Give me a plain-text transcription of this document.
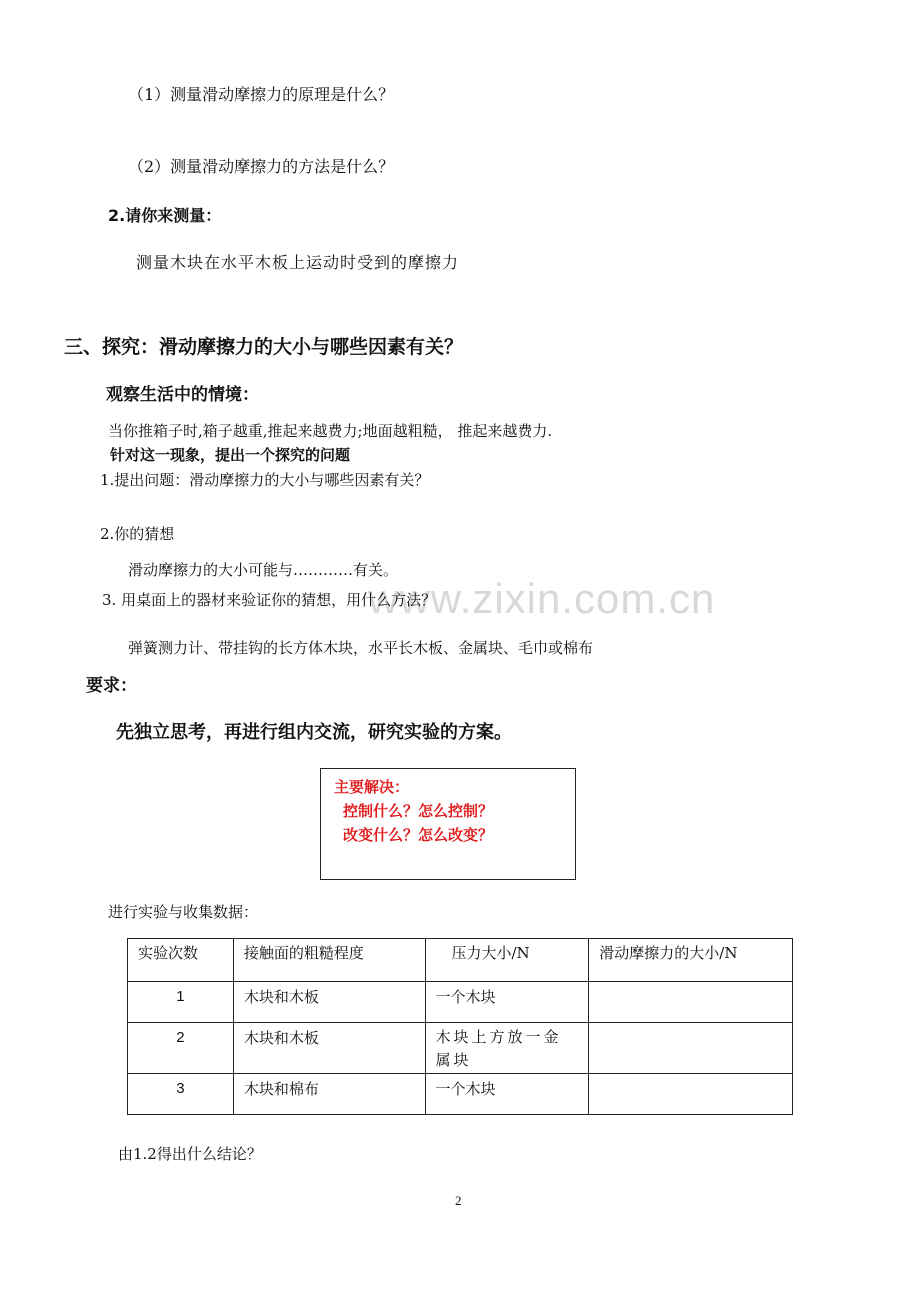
www.zixin.com.cn
（1）测量滑动摩擦力的原理是什么？
（2）测量滑动摩擦力的方法是什么？
2.请你来测量：
测量木块在水平木板上运动时受到的摩擦力
三、探究：滑动摩擦力的大小与哪些因素有关？
观察生活中的情境：
当你推箱子时,箱子越重,推起来越费力;地面越粗糙， 推起来越费力.
针对这一现象，提出一个探究的问题
1.提出问题：滑动摩擦力的大小与哪些因素有关？
2.你的猜想
滑动摩擦力的大小可能与…………有关。
3. 用桌面上的器材来验证你的猜想，用什么方法？
弹簧测力计、带挂钩的长方体木块，水平长木板、金属块、毛巾或棉布
要求：
先独立思考，再进行组内交流，研究实验的方案。
主要解决：
控制什么？怎么控制？
改变什么？怎么改变？
进行实验与收集数据：
实验次数	接触面的粗糙程度	压力大小/N	滑动摩擦力的大小/N
1	木块和木板	一个木块	
2	木块和木板	木块上方放一金属块	
3	木块和棉布	一个木块	
由1.2得出什么结论？
2
